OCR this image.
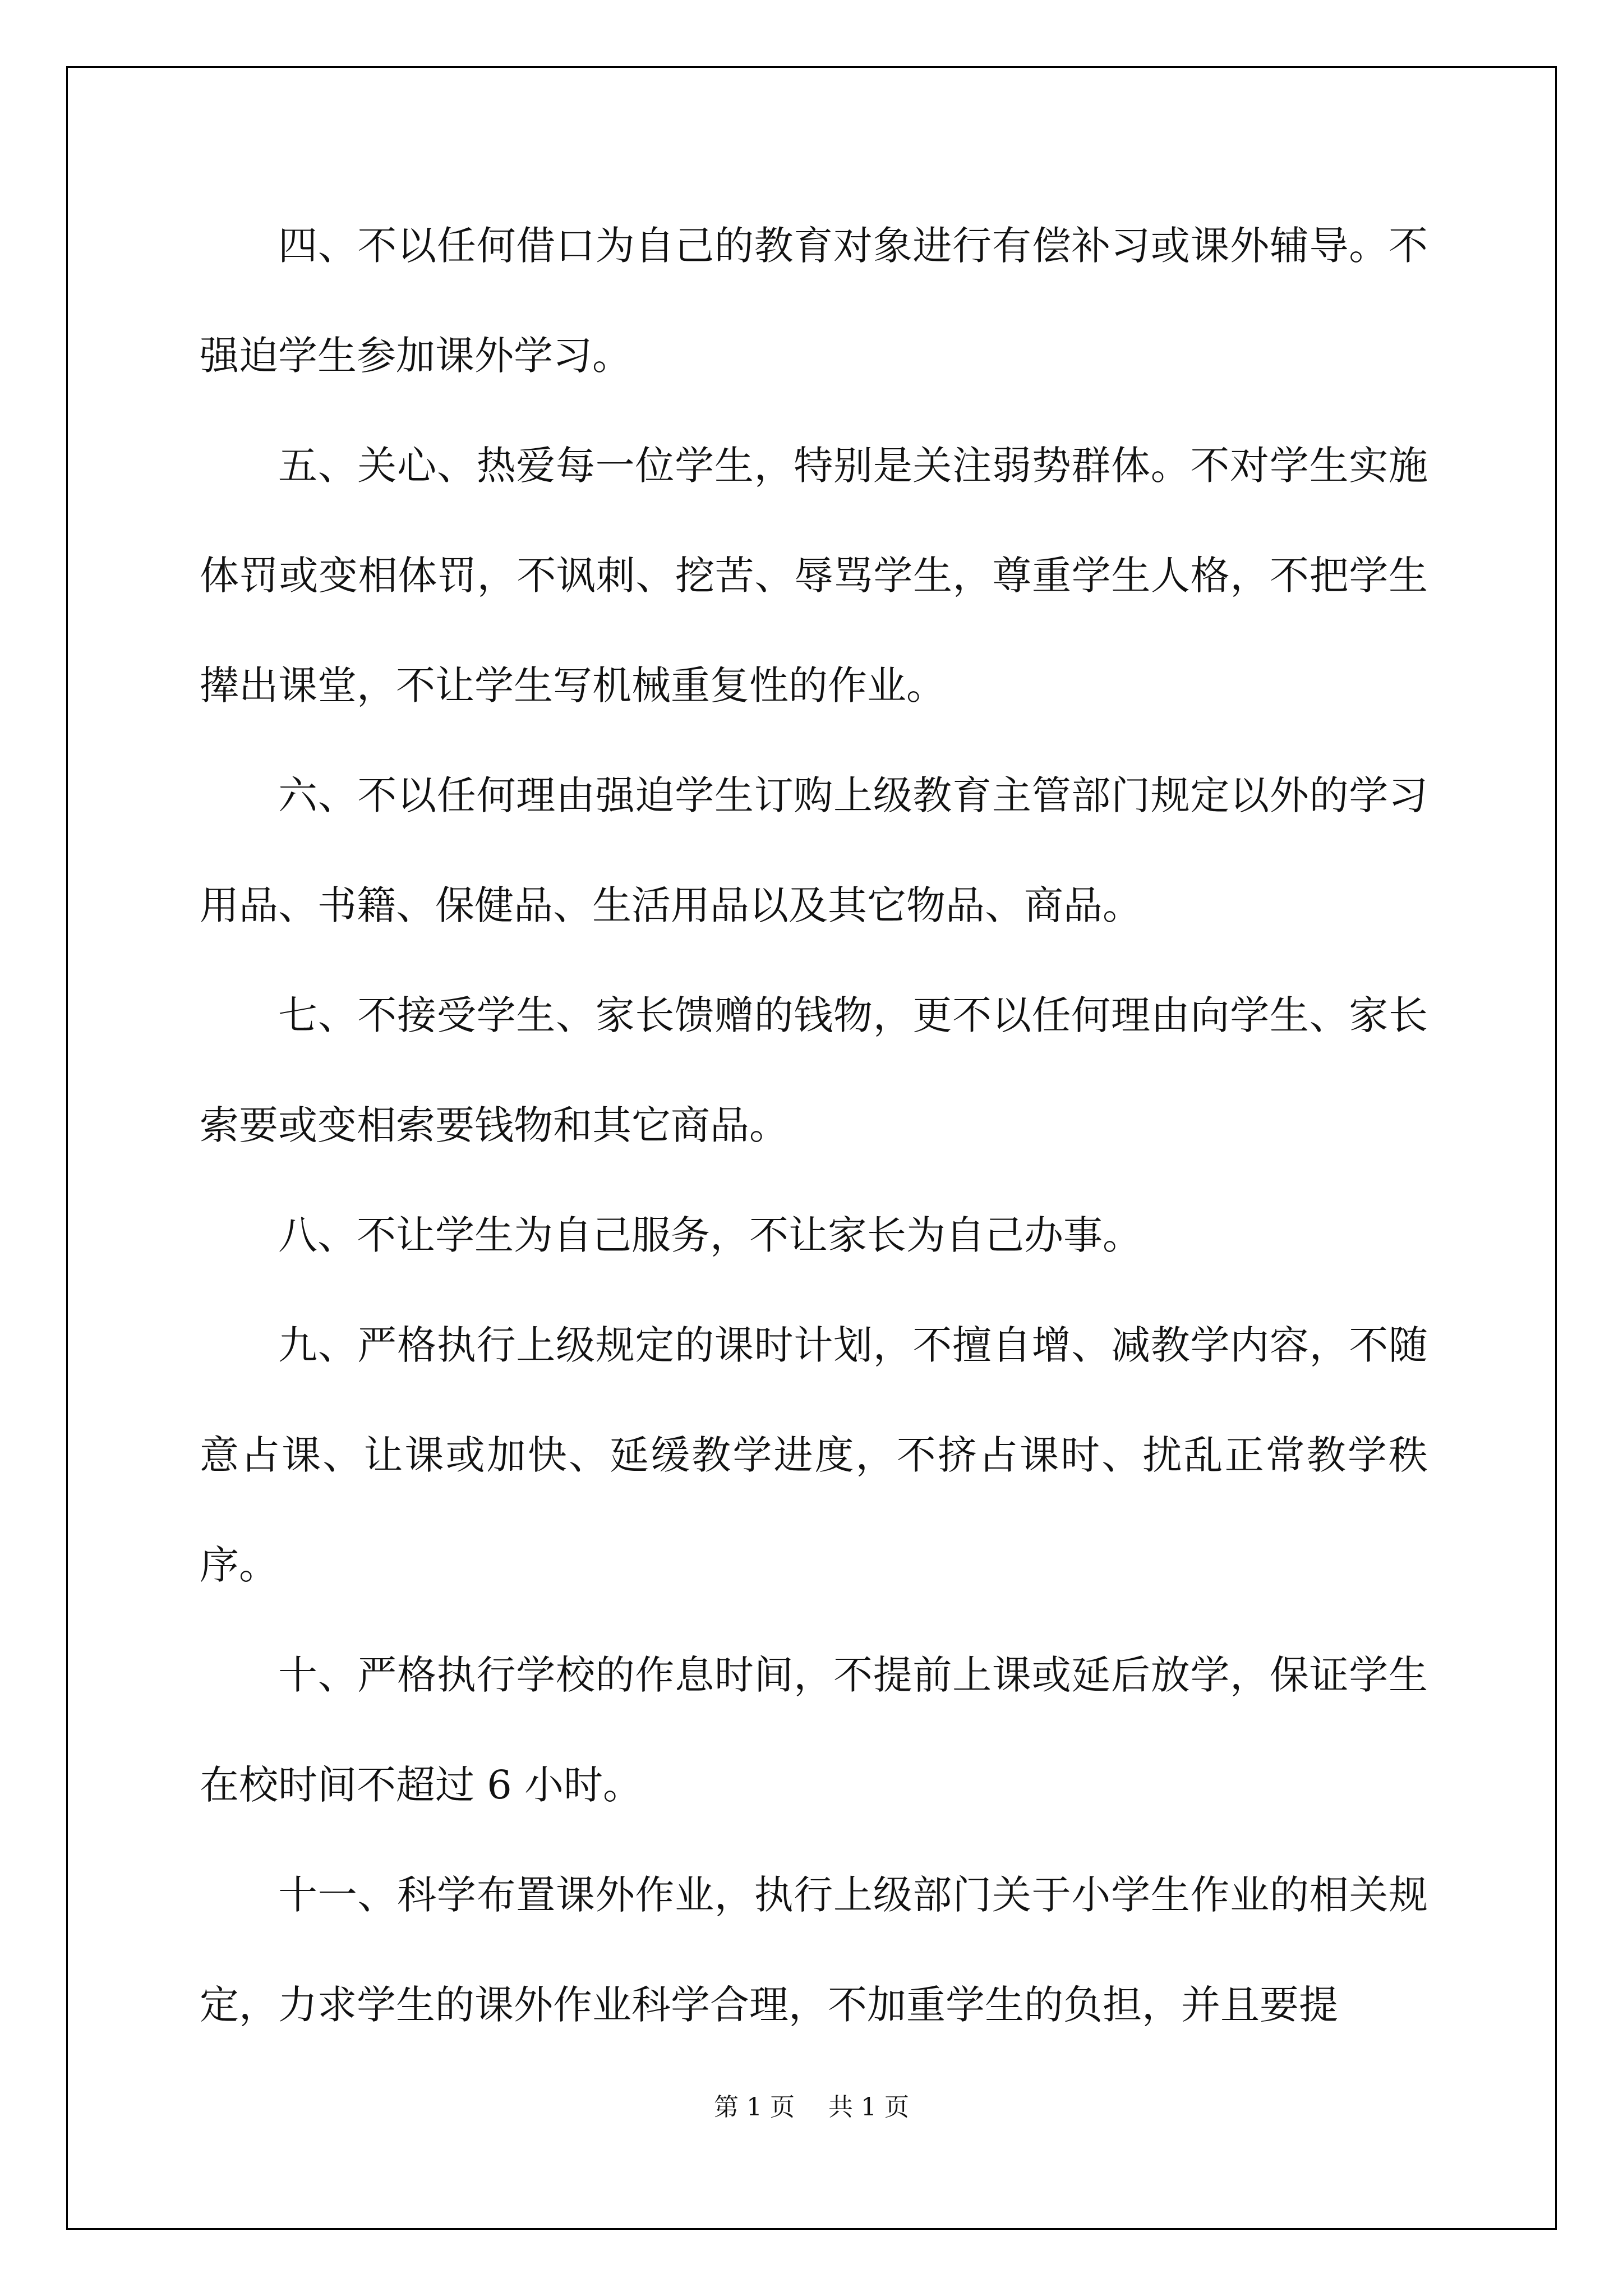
四、不以任何借口为自己的教育对象进行有偿补习或课外辅导。不强迫学生参加课外学习。

五、关心、热爱每一位学生，特别是关注弱势群体。不对学生实施体罚或变相体罚，不讽刺、挖苦、辱骂学生，尊重学生人格，不把学生撵出课堂，不让学生写机械重复性的作业。

六、不以任何理由强迫学生订购上级教育主管部门规定以外的学习用品、书籍、保健品、生活用品以及其它物品、商品。

七、不接受学生、家长馈赠的钱物，更不以任何理由向学生、家长索要或变相索要钱物和其它商品。

八、不让学生为自己服务，不让家长为自己办事。

九、严格执行上级规定的课时计划，不擅自增、减教学内容，不随意占课、让课或加快、延缓教学进度，不挤占课时、扰乱正常教学秩序。

十、严格执行学校的作息时间，不提前上课或延后放学，保证学生在校时间不超过 6 小时。

十一、科学布置课外作业，执行上级部门关于小学生作业的相关规定，力求学生的课外作业科学合理，不加重学生的负担，并且要提

第 1 页 共 1 页
